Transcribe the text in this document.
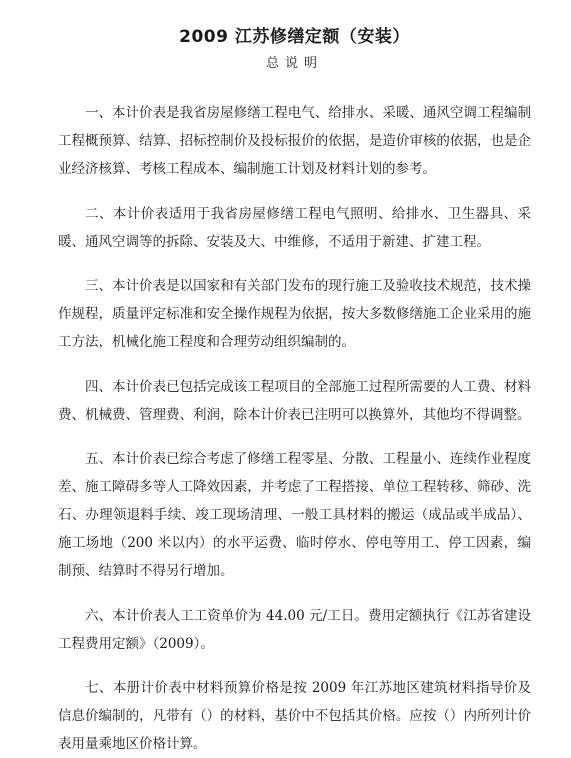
2009 江苏修缮定额（安装）
总说明

一、本计价表是我省房屋修缮工程电气、给排水、采暖、通风空调工程编制工程概预算、结算、招标控制价及投标报价的依据，是造价审核的依据，也是企业经济核算、考核工程成本、编制施工计划及材料计划的参考。

二、本计价表适用于我省房屋修缮工程电气照明、给排水、卫生器具、采暖、通风空调等的拆除、安装及大、中维修，不适用于新建、扩建工程。

三、本计价表是以国家和有关部门发布的现行施工及验收技术规范，技术操作规程，质量评定标准和安全操作规程为依据，按大多数修缮施工企业采用的施工方法，机械化施工程度和合理劳动组织编制的。

四、本计价表已包括完成该工程项目的全部施工过程所需要的人工费、材料费、机械费、管理费、利润，除本计价表已注明可以换算外，其他均不得调整。

五、本计价表已综合考虑了修缮工程零星、分散、工程量小、连续作业程度差、施工障碍多等人工降效因素，并考虑了工程搭接、单位工程转移、筛砂、洗石、办理领退料手续、竣工现场清理、一般工具材料的搬运（成品或半成品）、施工场地（200 米以内）的水平运费、临时停水、停电等用工、停工因素，编制预、结算时不得另行增加。

六、本计价表人工工资单价为 44.00 元/工日。费用定额执行《江苏省建设工程费用定额》（2009）。

七、本册计价表中材料预算价格是按 2009 年江苏地区建筑材料指导价及信息价编制的，凡带有（）的材料，基价中不包括其价格。应按（）内所列计价表用量乘地区价格计算。
